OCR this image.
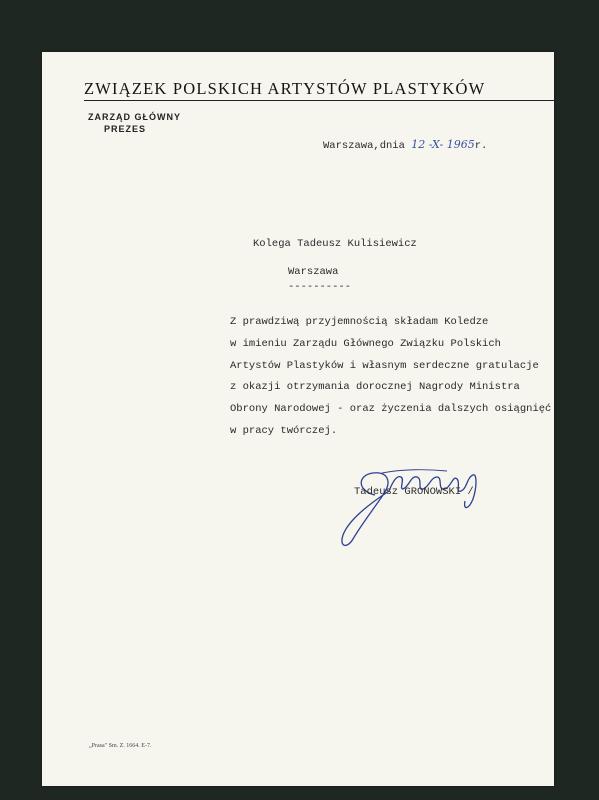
ZWIĄZEK POLSKICH ARTYSTÓW PLASTYKÓW
ZARZĄD GŁÓWNY
PREZES
Warszawa,dnia 12 -X- 1965r.
Kolega Tadeusz Kulisiewicz
Warszawa
----------
Z prawdziwą przyjemnością składam Koledze
w imieniu Zarządu Głównego Związku Polskich
Artystów Plastyków i własnym serdeczne gratulacje
z okazji otrzymania dorocznej Nagrody Ministra
Obrony Narodowej - oraz życzenia dalszych osiągnięć
w pracy twórczej.
Tadeusz GRONOWSKI /
„Prasa" Sm. Z. 1664. E-7.
